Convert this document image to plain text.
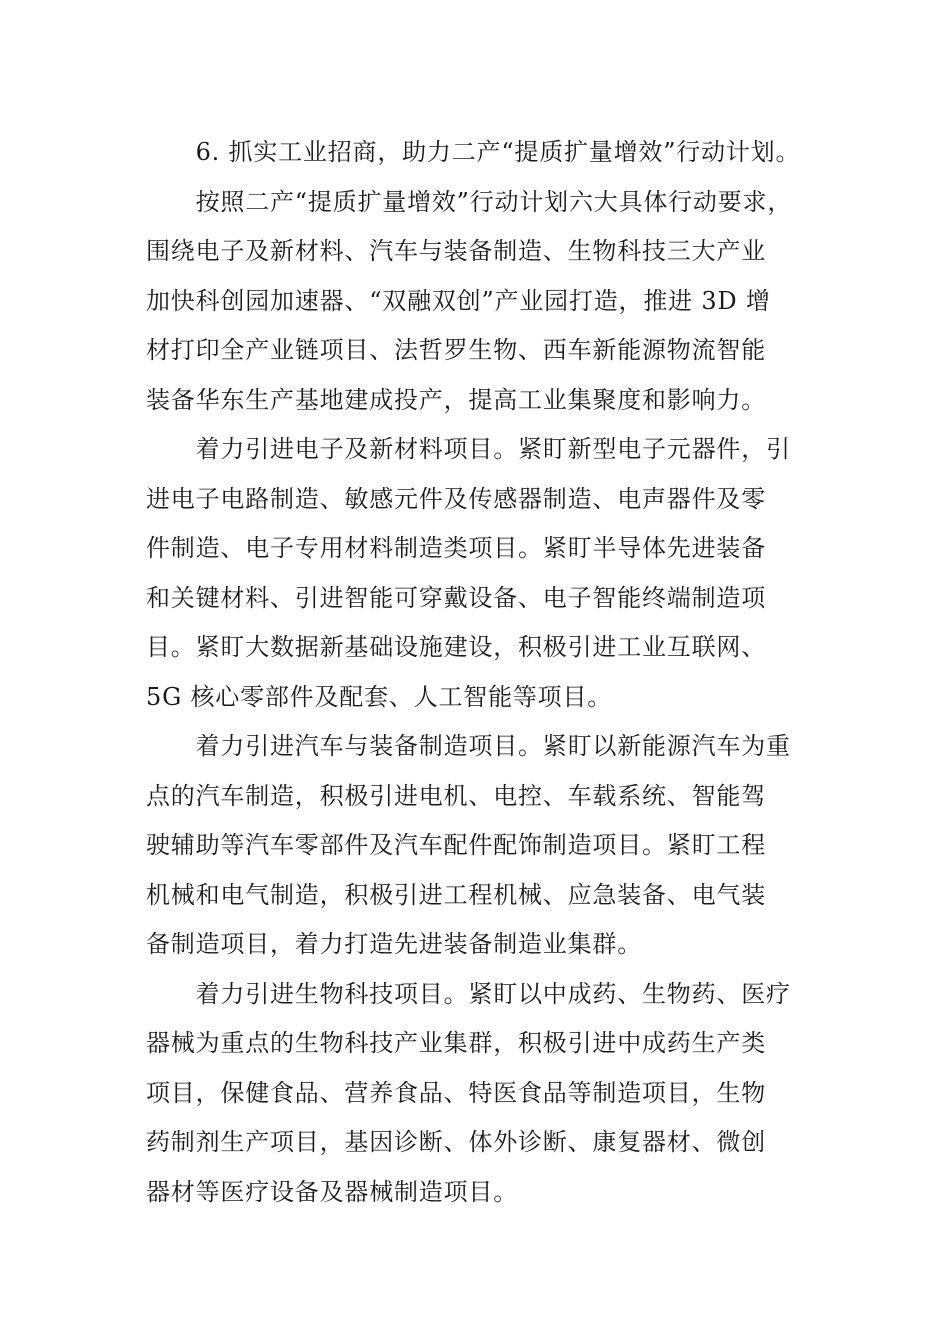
　　6. 抓实工业招商，助力二产“提质扩量增效”行动计划。
　　按照二产“提质扩量增效”行动计划六大具体行动要求，
围绕电子及新材料、汽车与装备制造、生物科技三大产业
加快科创园加速器、“双融双创”产业园打造，推进 3D 增
材打印全产业链项目、法哲罗生物、西车新能源物流智能
装备华东生产基地建成投产，提高工业集聚度和影响力。
　　着力引进电子及新材料项目。紧盯新型电子元器件，引
进电子电路制造、敏感元件及传感器制造、电声器件及零
件制造、电子专用材料制造类项目。紧盯半导体先进装备
和关键材料、引进智能可穿戴设备、电子智能终端制造项
目。紧盯大数据新基础设施建设，积极引进工业互联网、
5G 核心零部件及配套、人工智能等项目。
　　着力引进汽车与装备制造项目。紧盯以新能源汽车为重
点的汽车制造，积极引进电机、电控、车载系统、智能驾
驶辅助等汽车零部件及汽车配件配饰制造项目。紧盯工程
机械和电气制造，积极引进工程机械、应急装备、电气装
备制造项目，着力打造先进装备制造业集群。
　　着力引进生物科技项目。紧盯以中成药、生物药、医疗
器械为重点的生物科技产业集群，积极引进中成药生产类
项目，保健食品、营养食品、特医食品等制造项目，生物
药制剂生产项目，基因诊断、体外诊断、康复器材、微创
器材等医疗设备及器械制造项目。
